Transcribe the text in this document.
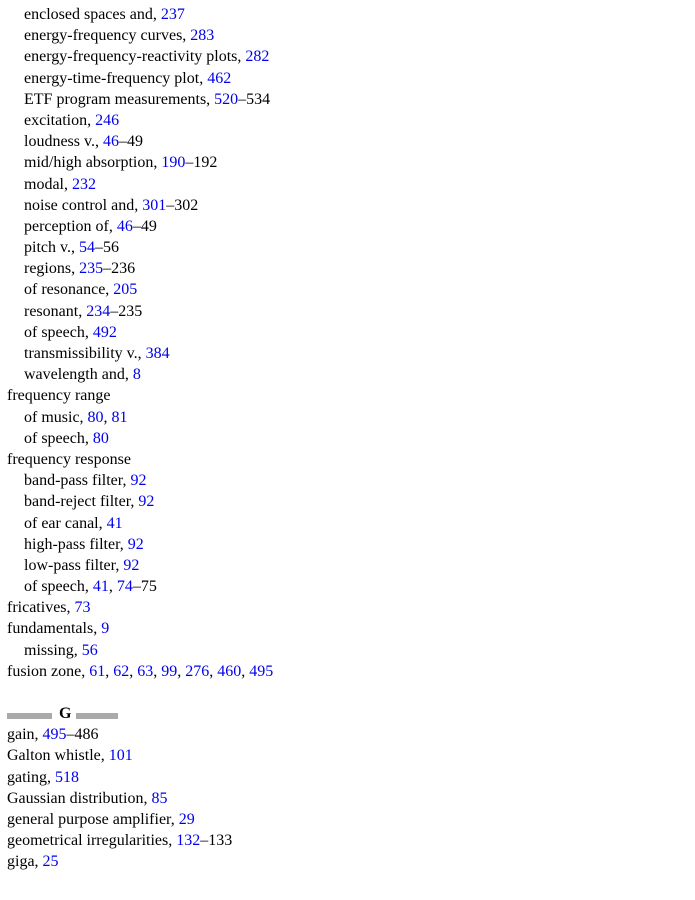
enclosed spaces and, 237
energy-frequency curves, 283
energy-frequency-reactivity plots, 282
energy-time-frequency plot, 462
ETF program measurements, 520–534
excitation, 246
loudness v., 46–49
mid/high absorption, 190–192
modal, 232
noise control and, 301–302
perception of, 46–49
pitch v., 54–56
regions, 235–236
of resonance, 205
resonant, 234–235
of speech, 492
transmissibility v., 384
wavelength and, 8
frequency range
of music, 80, 81
of speech, 80
frequency response
band-pass filter, 92
band-reject filter, 92
of ear canal, 41
high-pass filter, 92
low-pass filter, 92
of speech, 41, 74–75
fricatives, 73
fundamentals, 9
missing, 56
fusion zone, 61, 62, 63, 99, 276, 460, 495
G
gain, 495–486
Galton whistle, 101
gating, 518
Gaussian distribution, 85
general purpose amplifier, 29
geometrical irregularities, 132–133
giga, 25
